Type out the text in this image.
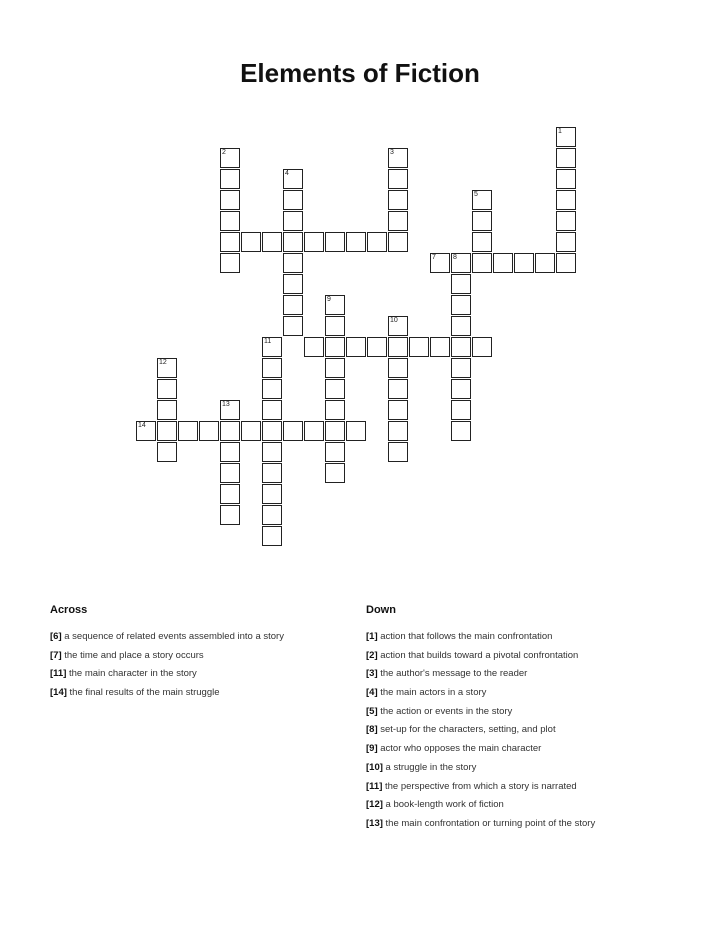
Elements of Fiction
1
2	3
4
5
7 8
9
10
11
12
13
14
Across
[6] a sequence of related events assembled into a story
[7] the time and place a story occurs
[11] the main character in the story
[14] the final results of the main struggle
Down
[1] action that follows the main confrontation
[2] action that builds toward a pivotal confrontation
[3] the author's message to the reader
[4] the main actors in a story
[5] the action or events in the story
[8] set-up for the characters, setting, and plot
[9] actor who opposes the main character
[10] a struggle in the story
[11] the perspective from which a story is narrated
[12] a book-length work of fiction
[13] the main confrontation or turning point of the story
